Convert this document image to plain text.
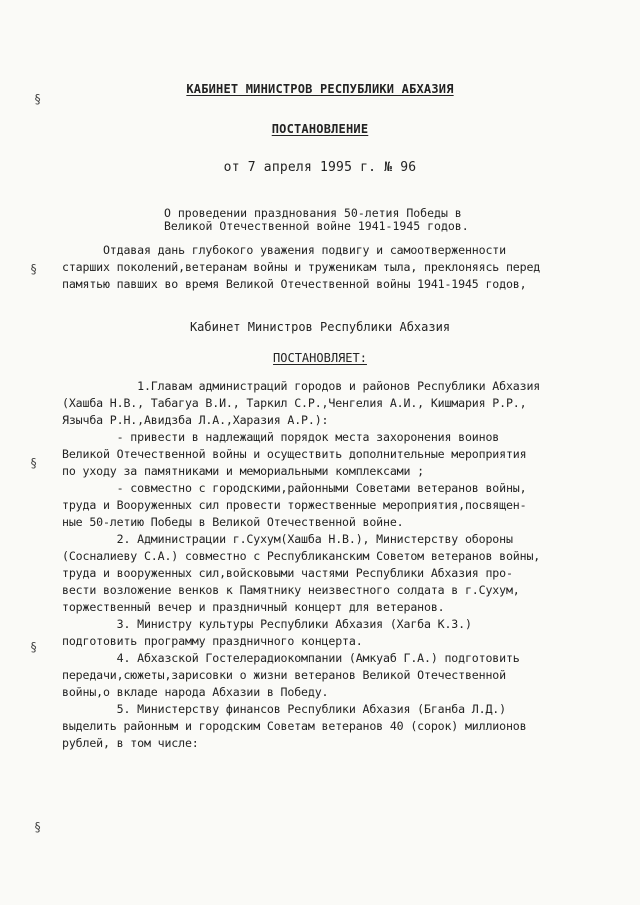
КАБИНЕТ МИНИСТРОВ РЕСПУБЛИКИ АБХАЗИЯ
ПОСТАНОВЛЕНИЕ
от 7 апреля 1995 г. № 96
О проведении празднования 50-летия Победы в
Великой Отечественной войне 1941-1945 годов.
Отдавая дань глубокого уважения подвигу и самоотверженности
старших поколений,ветеранам войны и труженикам тыла, преклоняясь перед
памятью павших во время Великой Отечественной войны 1941-1945 годов,
Кабинет Министров Республики Абхазия
ПОСТАНОВЛЯЕТ:
1.Главам администраций городов и районов Республики Абхазия
(Хашба Н.В., Табагуа В.И., Таркил С.Р.,Ченгелия А.И., Кишмария Р.Р.,
Язычба Р.Н.,Авидзба Л.А.,Харазия А.Р.):
- привести в надлежащий порядок места захоронения воинов
Великой Отечественной войны и осуществить дополнительные мероприятия
по уходу за памятниками и мемориальными комплексами ;
- совместно с городскими,районными Советами ветеранов войны,
труда и Вооруженных сил провести торжественные мероприятия,посвящен-
ные 50-летию Победы в Великой Отечественной войне.
2. Администрации г.Сухум(Хашба Н.В.), Министерству обороны
(Сосналиеву С.А.) совместно с Республиканским Советом ветеранов войны,
труда и вооруженных сил,войсковыми частями Республики Абхазия про-
вести возложение венков к Памятнику неизвестного солдата в г.Сухум,
торжественный вечер и праздничный концерт для ветеранов.
3. Министру культуры Республики Абхазия (Хагба К.З.)
подготовить программу праздничного концерта.
4. Абхазской Гостелерадиокомпании (Амкуаб Г.А.) подготовить
передачи,сюжеты,зарисовки о жизни ветеранов Великой Отечественной
войны,о вкладе народа Абхазии в Победу.
5. Министерству финансов Республики Абхазия (Бганба Л.Д.)
выделить районным и городским Советам ветеранов 40 (сорок) миллионов
рублей, в том числе:
§
§
§
§
§
